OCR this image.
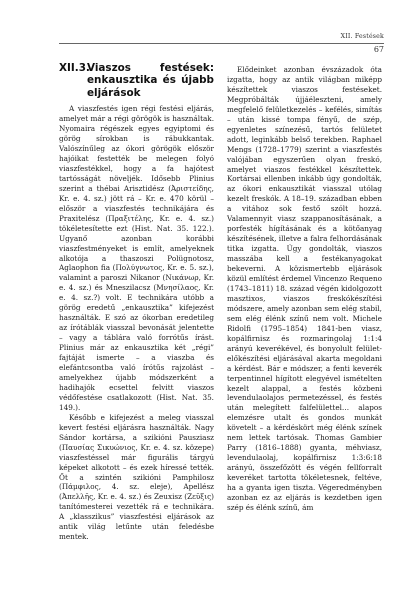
XII. Festések
67
XII.3.
Viaszos festések: enkausztika és újabb eljárások

A viaszfestés igen régi festési eljárás, amelyet már a régi görögök is használtak. Nyomaira régészek egyes egyiptomi és görög sírokban is rábukkantak. Valószínűleg az ókori görögök először hajóikat festették be melegen folyó viaszfestékkel, hogy a fa hajótest tartósságát növeljék. Idősebb Plinius szerint a thébai Arisztidész (Ἀριστείδης, Kr. e. 4. sz.) jött rá – Kr. e. 470 körül – először a viaszfestés technikájára és Praxitelész (Πραξιτέλης, Kr. e. 4. sz.) tökéletesítette ezt (Hist. Nat. 35. 122.). Ugyanő azonban korábbi viaszfestményeket is említ, amelyeknek alkotója a thaszoszi Polügnotosz, Aglaophon fia (Πολύγνωτος, Kr. e. 5. sz.), valamint a paroszi Nikanor (Νικάνωρ, Kr. e. 4. sz.) és Mneszilacsz (Μνησίλαος, Kr. e. 4. sz.?) volt. E technikára utóbb a görög eredetű „enkausztika” kifejezést használták. E szó az ókorban eredetileg az írótáblák viasszal bevonását jelentette – vagy a táblára való forrótűs írást. Plinius már az enkausztika két „régi” fajtáját ismerte – a viaszba és elefántcsontba való írótűs rajzolást – amelyekhez újabb módszerként a hadihajók ecsettel felvitt viaszos védőfestése csatlakozott (Hist. Nat. 35. 149.).

Később e kifejezést a meleg viasszal kevert festési eljárásra használták. Nagy Sándor kortársa, a szikióni Pausziasz (Παυσίας Σικυώνιος, Kr. e. 4. sz. közepe) viaszfestéssel már figurális tárgyú képeket alkotott – és ezek híressé tették. Őt a szintén szikióni Pamphilosz (Πάμφιλος, 4. sz. eleje), Apellész (Ἀπελλῆς, Kr. e. 4. sz.) és Zeuxisz (Ζεῦξις) tanítómesterei vezették rá e technikára. A „klasszikus” viaszfestési eljárások az antik világ letűnte után feledésbe mentek.

Elődeinket azonban évszázadok óta izgatta, hogy az antik világban miképp készítettek viaszos festéseket. Megpróbálták újjáéleszteni, amely megfelelő felületkezelés – kefélés, simítás – után kissé tompa fényű, de szép, egyenletes színezésű, tartós felületet adott, leginkább belső terekben. Raphael Mengs (1728–1779) szerint a viaszfestés valójában egyszerűen olyan freskó, amelyet viaszos festékkel készítettek. Kortársai ellenben inkább úgy gondolták, az ókori enkausztikát viasszal utólag kezelt freskók. A 18–19. században ebben a vitához sok festő szólt hozzá. Valamennyit viasz szappanosításának, a porfesték hígításának és a kötőanyag készítésének, illetve a falra felhordásának titka izgatta. Úgy gondolták, viaszos masszába kell a festékanyagokat bekeverni. A közismertebb eljárások közül említést érdemel Vincenzo Requeno (1743–1811) 18. század végén kidolgozott masztixos, viaszos freskókészítési módszere, amely azonban sem elég stabil, sem elég élénk színű nem volt. Michele Ridolfi (1795–1854) 1841-ben viasz, kopálfirnisz és rozmaringolaj 1:1:4 arányú keverékével, és bonyolult felület-előkészítési eljárásával akarta megoldani a kérdést. Bár e módszer, a fenti keverék terpentinnel hígított elegyével ismételten kezelt alappal, a festés közbeni levendulaolajos permetezéssel, és festés után melegített falfelülettel… alapos elemzésre utalt és gondos munkát követelt – a kérdéskört még élénk színek nem lettek tartósak. Thomas Gambier Parry (1816–1888) gyanta, méhviasz, levendulaolaj, kopálfirnisz 1:3:6:18 arányú, összefőzött és végén fellforralt keveréket tartotta tökéletesnek, feltéve, ha a gyanta igen tiszta. Végeredményben azonban ez az eljárás is kezdetben igen szép és élénk színű, ám
